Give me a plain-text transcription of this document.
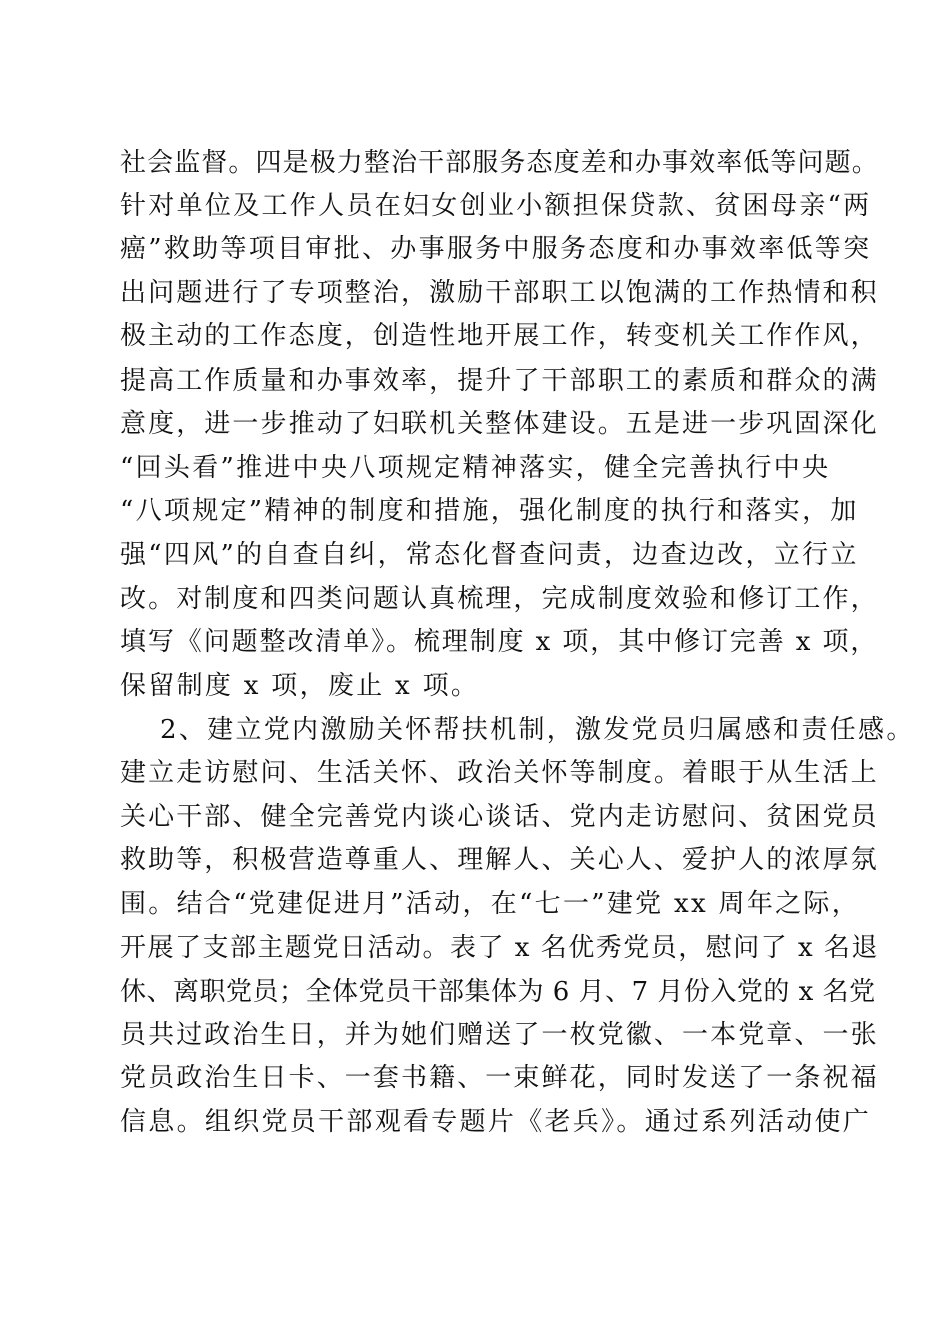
社会监督。四是极力整治干部服务态度差和办事效率低等问题。
针对单位及工作人员在妇女创业小额担保贷款、贫困母亲“两
癌”救助等项目审批、办事服务中服务态度和办事效率低等突
出问题进行了专项整治，激励干部职工以饱满的工作热情和积
极主动的工作态度，创造性地开展工作，转变机关工作作风，
提高工作质量和办事效率，提升了干部职工的素质和群众的满
意度，进一步推动了妇联机关整体建设。五是进一步巩固深化
“回头看”推进中央八项规定精神落实，健全完善执行中央
“八项规定”精神的制度和措施，强化制度的执行和落实，加
强“四风”的自查自纠，常态化督查问责，边查边改，立行立
改。对制度和四类问题认真梳理，完成制度效验和修订工作，
填写《问题整改清单》。梳理制度 x 项，其中修订完善 x 项，
保留制度 x 项，废止 x 项。
2、建立党内激励关怀帮扶机制，激发党员归属感和责任感。
建立走访慰问、生活关怀、政治关怀等制度。着眼于从生活上
关心干部、健全完善党内谈心谈话、党内走访慰问、贫困党员
救助等，积极营造尊重人、理解人、关心人、爱护人的浓厚氛
围。结合“党建促进月”活动，在“七一”建党 xx 周年之际，
开展了支部主题党日活动。表了 x 名优秀党员，慰问了 x 名退
休、离职党员；全体党员干部集体为 6 月、7 月份入党的 x 名党
员共过政治生日，并为她们赠送了一枚党徽、一本党章、一张
党员政治生日卡、一套书籍、一束鲜花，同时发送了一条祝福
信息。组织党员干部观看专题片《老兵》。通过系列活动使广
